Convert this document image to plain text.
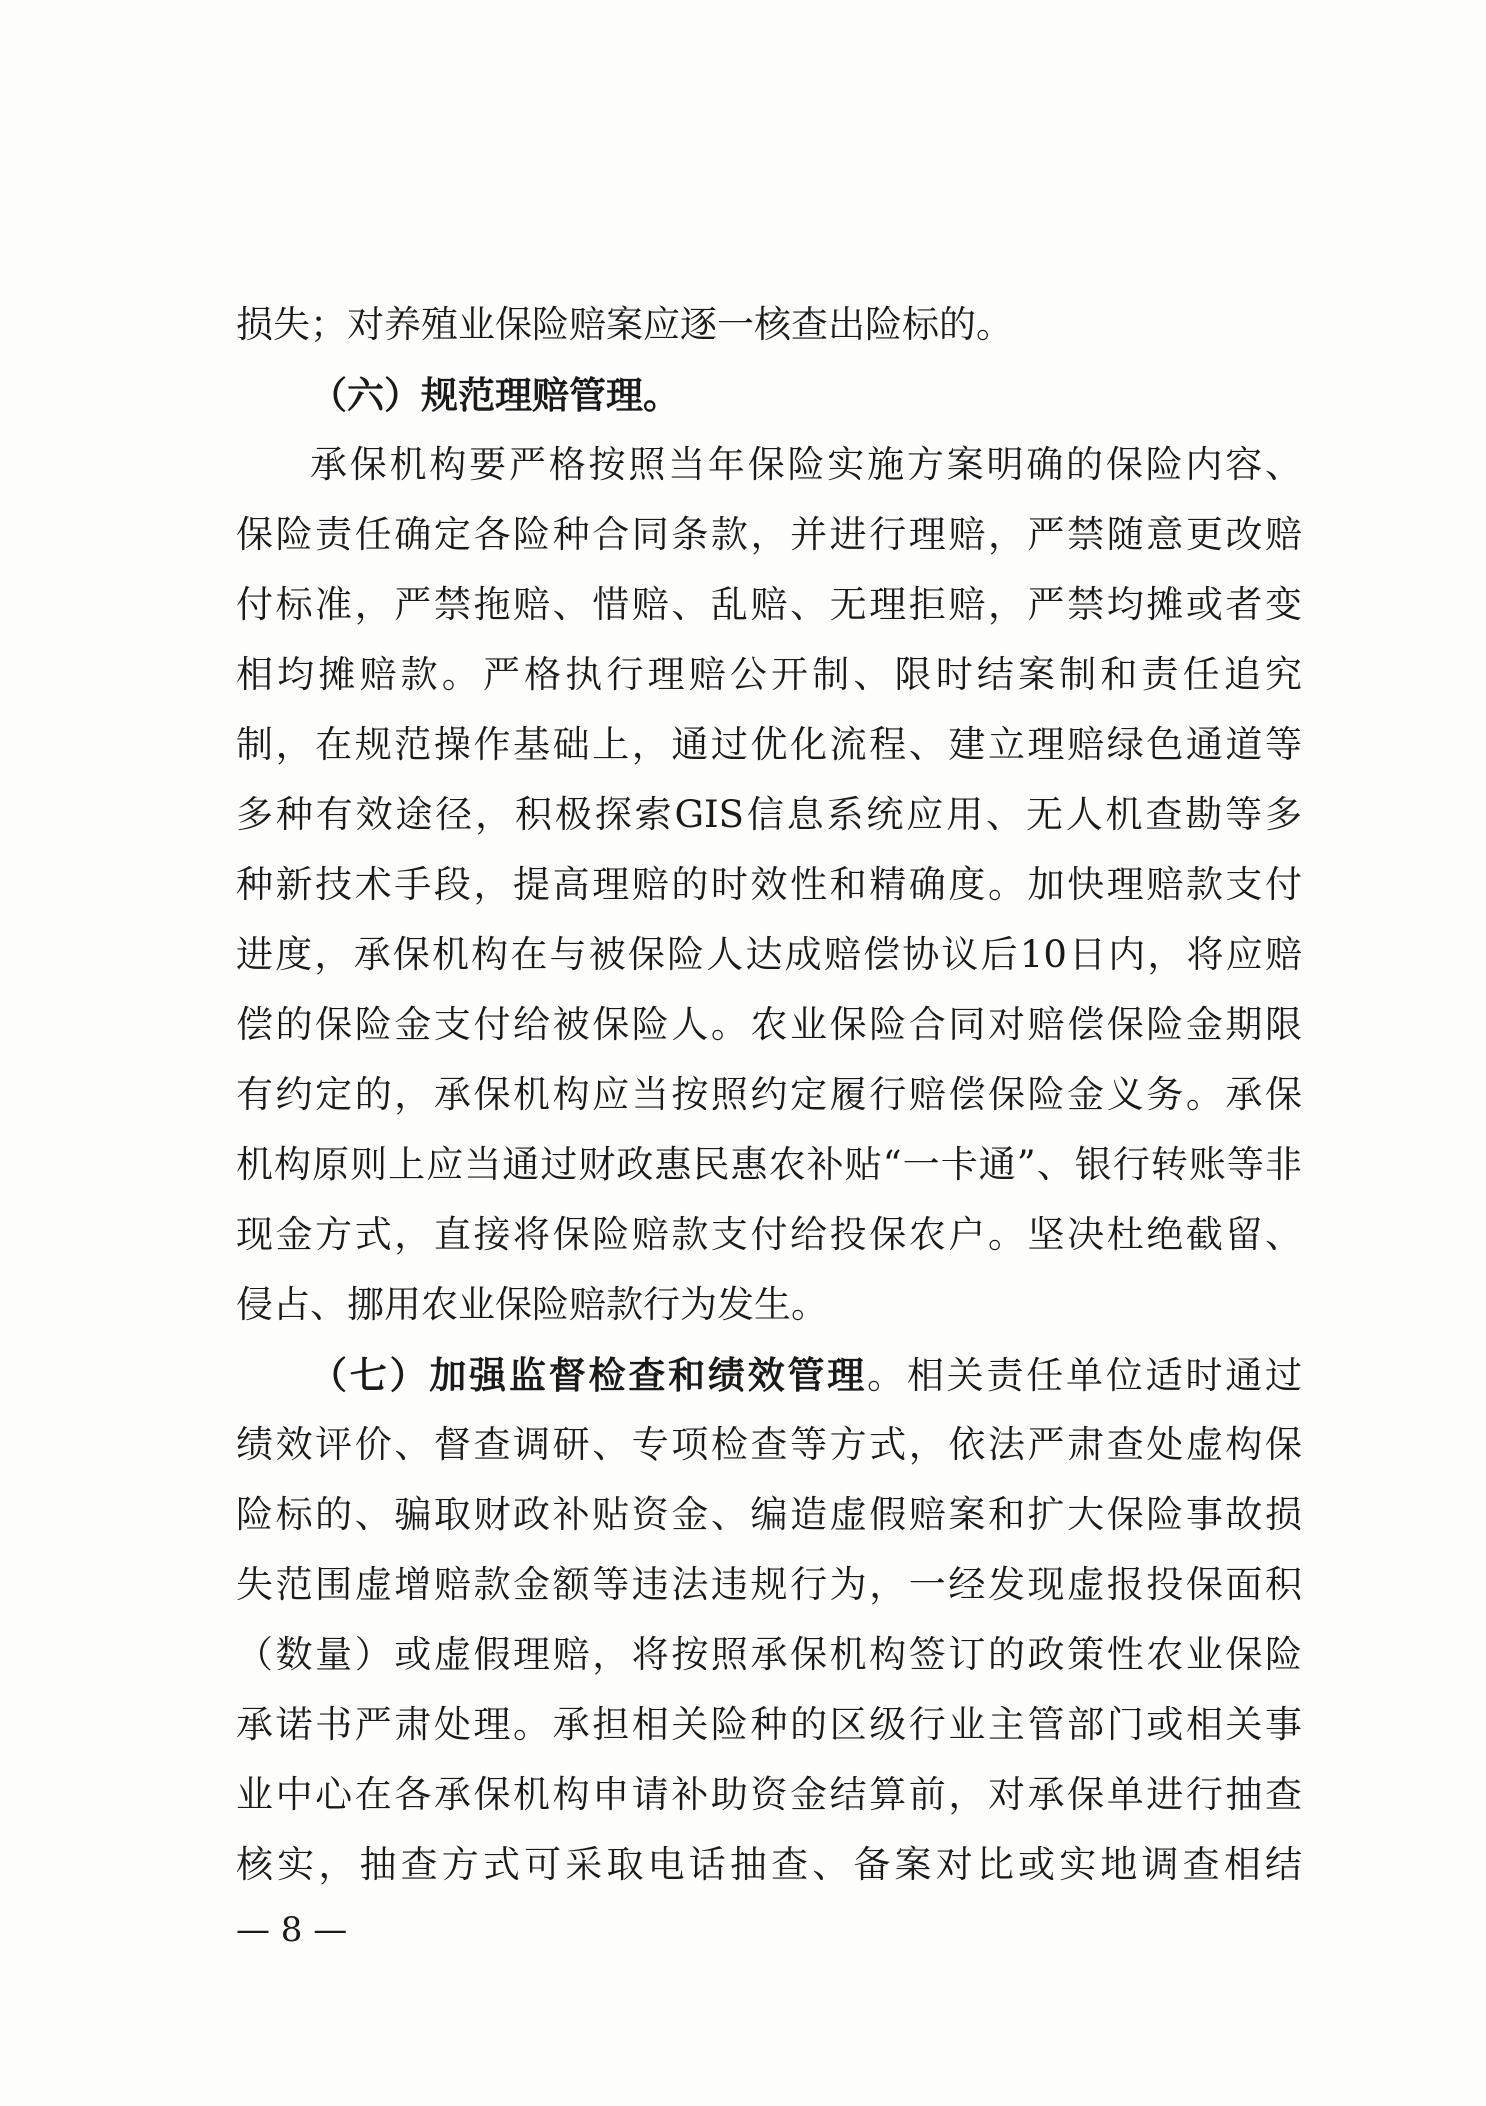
损失；对养殖业保险赔案应逐一核查出险标的。
（六）规范理赔管理。
承保机构要严格按照当年保险实施方案明确的保险内容、
保险责任确定各险种合同条款，并进行理赔，严禁随意更改赔
付标准，严禁拖赔、惜赔、乱赔、无理拒赔，严禁均摊或者变
相均摊赔款。严格执行理赔公开制、限时结案制和责任追究
制，在规范操作基础上，通过优化流程、建立理赔绿色通道等
多种有效途径，积极探索GIS信息系统应用、无人机查勘等多
种新技术手段，提高理赔的时效性和精确度。加快理赔款支付
进度，承保机构在与被保险人达成赔偿协议后10日内，将应赔
偿的保险金支付给被保险人。农业保险合同对赔偿保险金期限
有约定的，承保机构应当按照约定履行赔偿保险金义务。承保
机构原则上应当通过财政惠民惠农补贴“一卡通”、银行转账等非
现金方式，直接将保险赔款支付给投保农户。坚决杜绝截留、
侵占、挪用农业保险赔款行为发生。
（七）加强监督检查和绩效管理。相关责任单位适时通过
绩效评价、督查调研、专项检查等方式，依法严肃查处虚构保
险标的、骗取财政补贴资金、编造虚假赔案和扩大保险事故损
失范围虚增赔款金额等违法违规行为，一经发现虚报投保面积
（数量）或虚假理赔，将按照承保机构签订的政策性农业保险
承诺书严肃处理。承担相关险种的区级行业主管部门或相关事
业中心在各承保机构申请补助资金结算前，对承保单进行抽查
核实，抽查方式可采取电话抽查、备案对比或实地调查相结
— 8 —
